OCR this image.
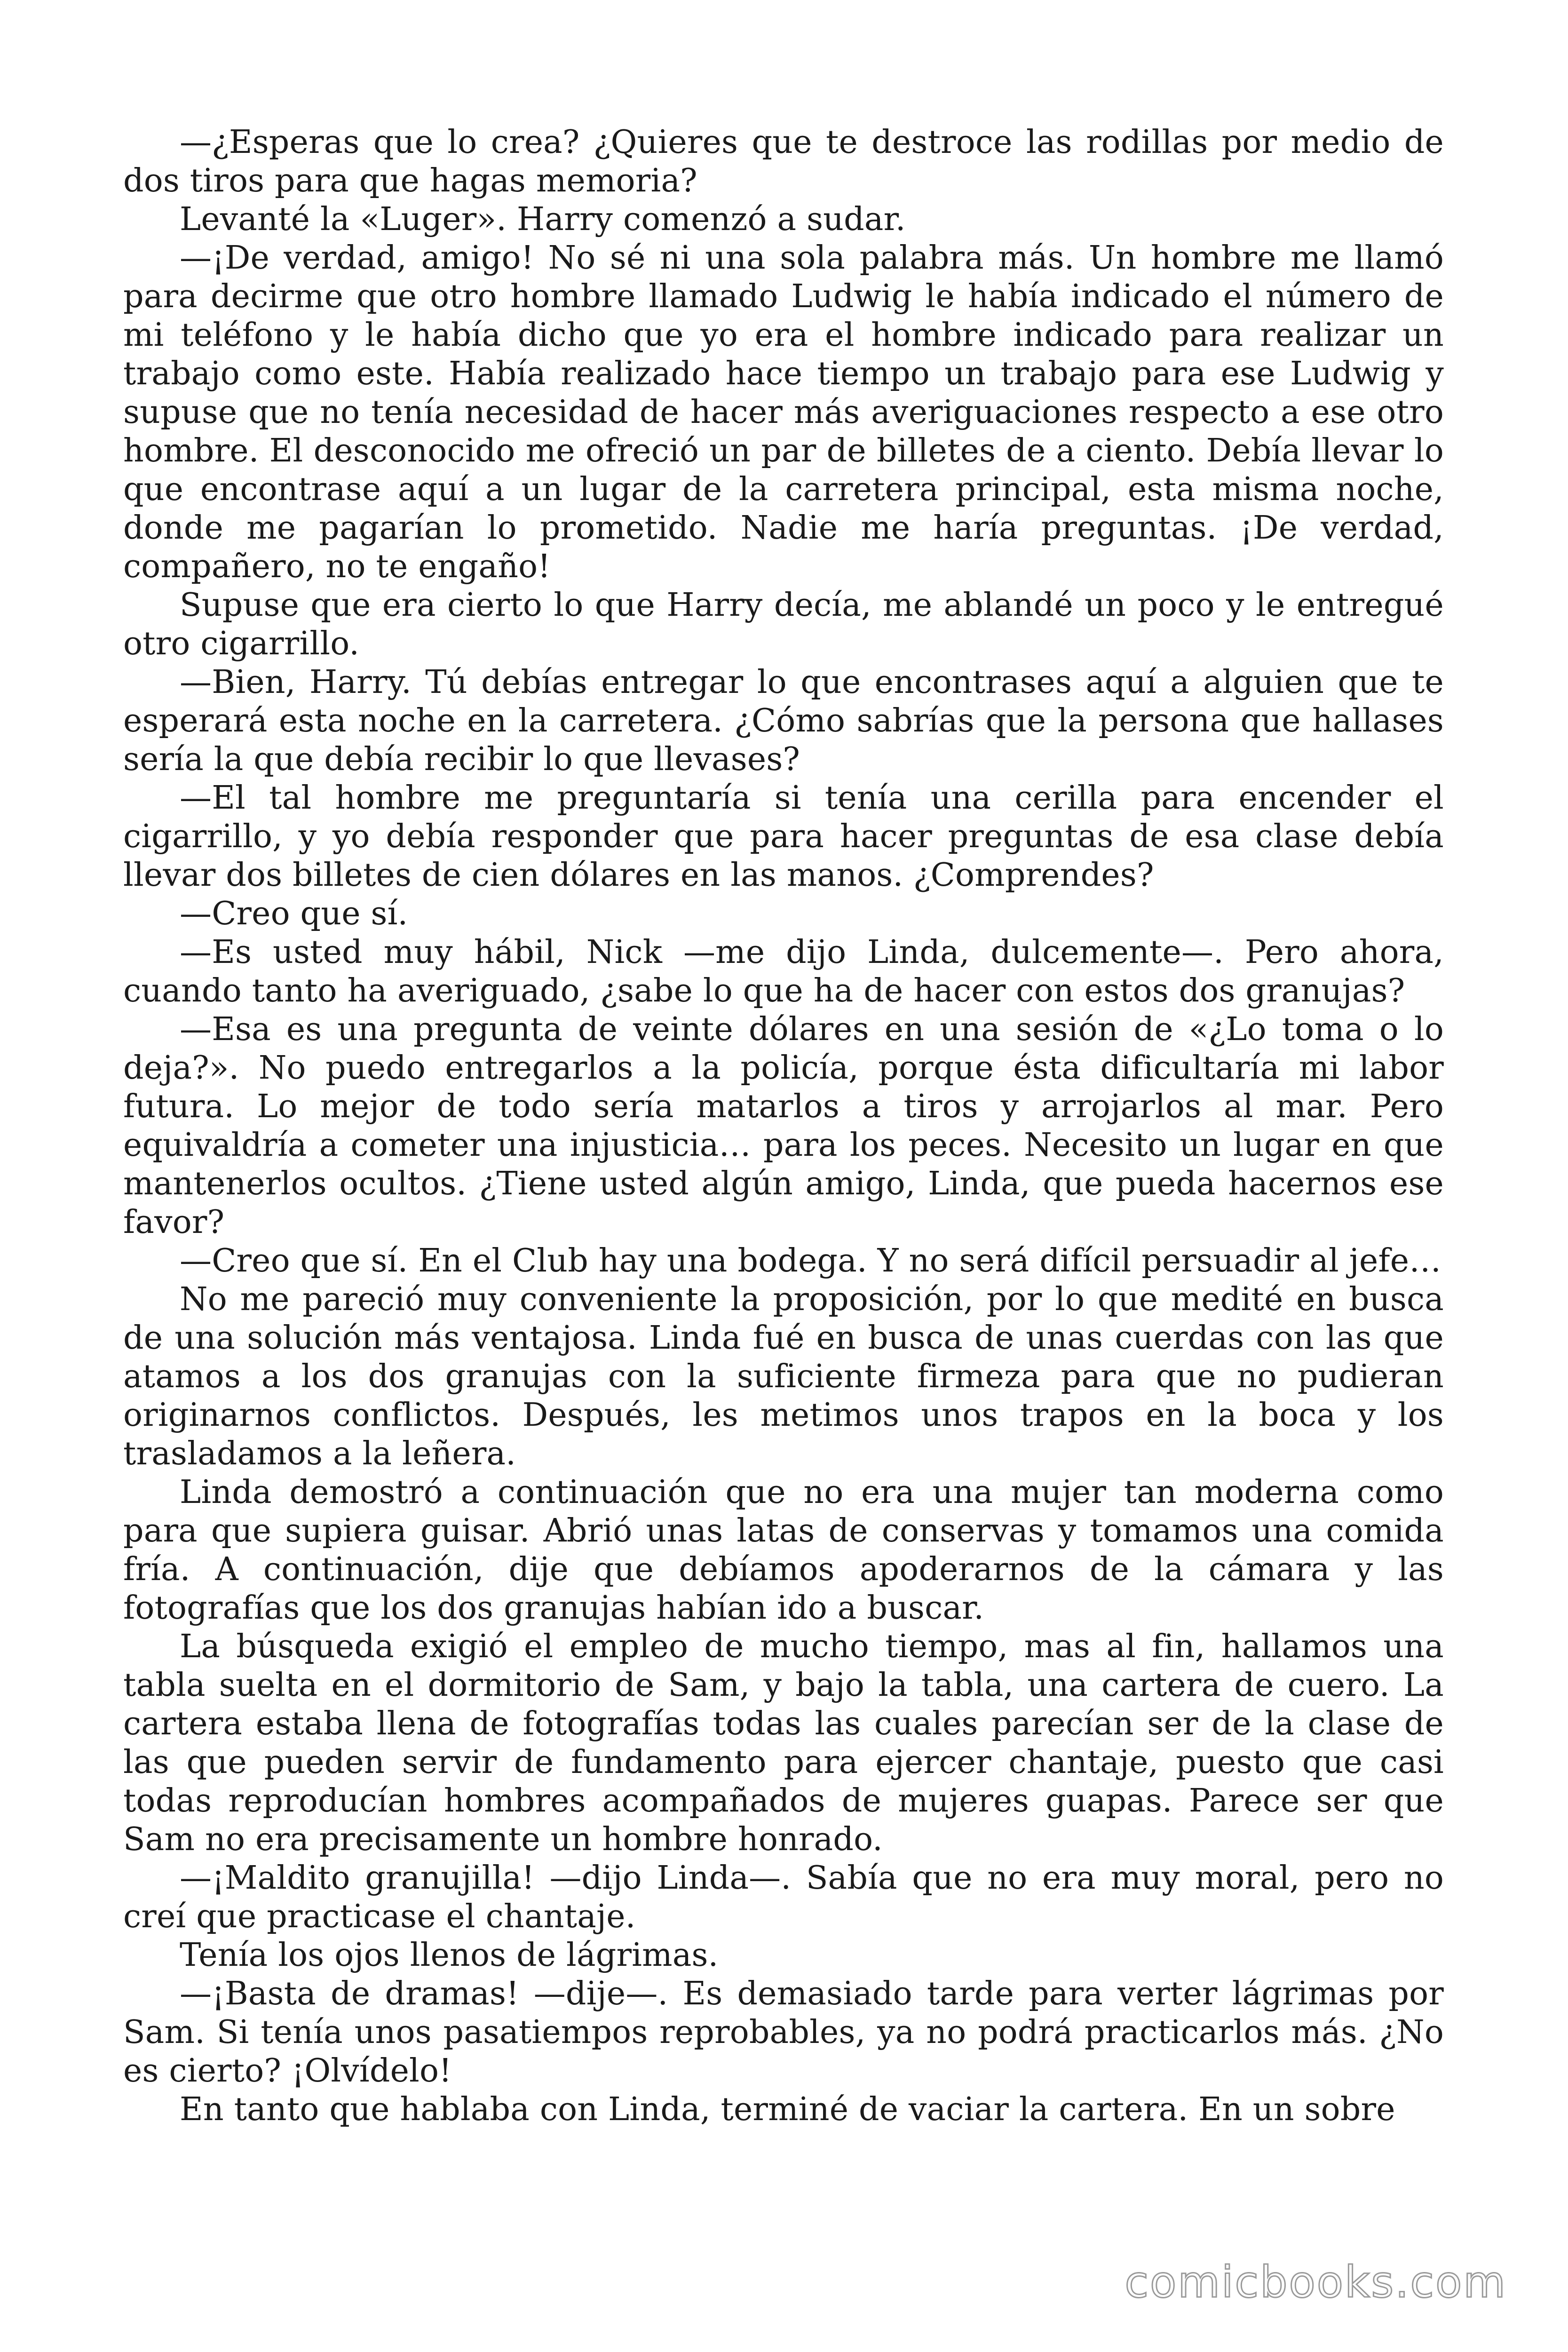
—¿Esperas que lo crea? ¿Quieres que te destroce las rodillas por medio de dos tiros para que hagas memoria?

Levanté la «Luger». Harry comenzó a sudar.

—¡De verdad, amigo! No sé ni una sola palabra más. Un hombre me llamó para decirme que otro hombre llamado Ludwig le había indicado el número de mi teléfono y le había dicho que yo era el hombre indicado para realizar un trabajo como este. Había realizado hace tiempo un trabajo para ese Ludwig y supuse que no tenía necesidad de hacer más averiguaciones respecto a ese otro hombre. El desconocido me ofreció un par de billetes de a ciento. Debía llevar lo que encontrase aquí a un lugar de la carretera principal, esta misma noche, donde me pagarían lo prometido. Nadie me haría preguntas. ¡De verdad, compañero, no te engaño!

Supuse que era cierto lo que Harry decía, me ablandé un poco y le entregué otro cigarrillo.

—Bien, Harry. Tú debías entregar lo que encontrases aquí a alguien que te esperará esta noche en la carretera. ¿Cómo sabrías que la persona que hallases sería la que debía recibir lo que llevases?

—El tal hombre me preguntaría si tenía una cerilla para encender el cigarrillo, y yo debía responder que para hacer preguntas de esa clase debía llevar dos billetes de cien dólares en las manos. ¿Comprendes?

—Creo que sí.

—Es usted muy hábil, Nick —me dijo Linda, dulcemente—. Pero ahora, cuando tanto ha averiguado, ¿sabe lo que ha de hacer con estos dos granujas?

—Esa es una pregunta de veinte dólares en una sesión de «¿Lo toma o lo deja?». No puedo entregarlos a la policía, porque ésta dificultaría mi labor futura. Lo mejor de todo sería matarlos a tiros y arrojarlos al mar. Pero equivaldría a cometer una injusticia… para los peces. Necesito un lugar en que mantenerlos ocultos. ¿Tiene usted algún amigo, Linda, que pueda hacernos ese favor?

—Creo que sí. En el Club hay una bodega. Y no será difícil persuadir al jefe…

No me pareció muy conveniente la proposición, por lo que medité en busca de una solución más ventajosa. Linda fué en busca de unas cuerdas con las que atamos a los dos granujas con la suficiente firmeza para que no pudieran originarnos conflictos. Después, les metimos unos trapos en la boca y los trasladamos a la leñera.

Linda demostró a continuación que no era una mujer tan moderna como para que supiera guisar. Abrió unas latas de conservas y tomamos una comida fría. A continuación, dije que debíamos apoderarnos de la cámara y las fotografías que los dos granujas habían ido a buscar.

La búsqueda exigió el empleo de mucho tiempo, mas al fin, hallamos una tabla suelta en el dormitorio de Sam, y bajo la tabla, una cartera de cuero. La cartera estaba llena de fotografías todas las cuales parecían ser de la clase de las que pueden servir de fundamento para ejercer chantaje, puesto que casi todas reproducían hombres acompañados de mujeres guapas. Parece ser que Sam no era precisamente un hombre honrado.

—¡Maldito granujilla! —dijo Linda—. Sabía que no era muy moral, pero no creí que practicase el chantaje.

Tenía los ojos llenos de lágrimas.

—¡Basta de dramas! —dije—. Es demasiado tarde para verter lágrimas por Sam. Si tenía unos pasatiempos reprobables, ya no podrá practicarlos más. ¿No es cierto? ¡Olvídelo!

En tanto que hablaba con Linda, terminé de vaciar la cartera. En un sobre

comicbooks.com
